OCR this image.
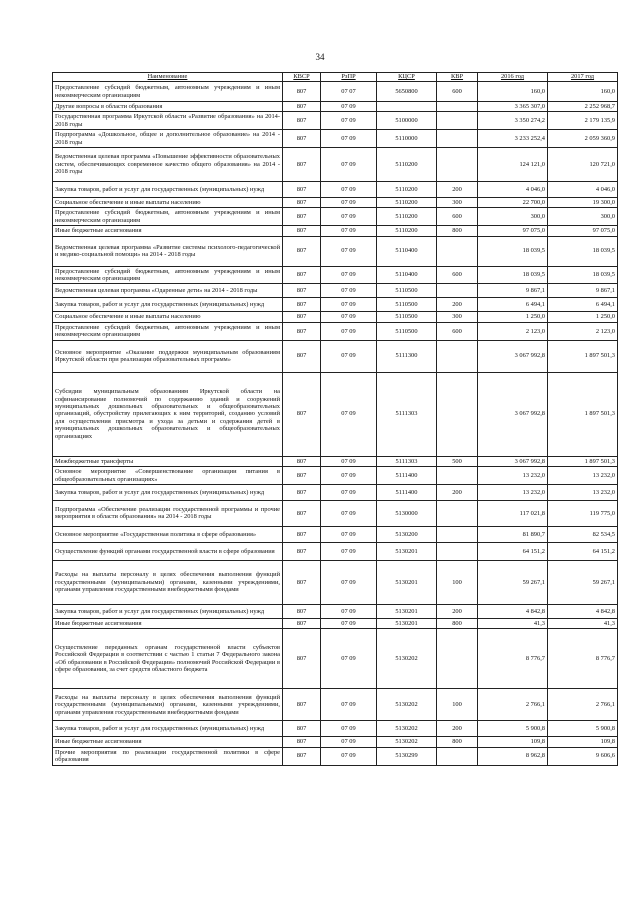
34
Наименование	КВСР	РзПР	КЦСР	КВР	2016 год	2017 год
Предоставление субсидий бюджетным, автономным учреждениям и иным некоммерческим организациям	807	07 07	5650800	600	160,0	160,0
Другие вопросы в области образования	807	07 09			3 365 307,0	2 252 968,7
Государственная программа Иркутской области «Развитие образования» на 2014-2018 годы	807	07 09	5100000		3 350 274,2	2 179 135,9
Подпрограмма «Дошкольное, общее и дополнительное образование» на 2014 - 2018 годы	807	07 09	5110000		3 233 252,4	2 059 360,9
Ведомственная целевая программа «Повышение эффективности образовательных систем, обеспечивающих современное качество общего образования» на 2014 - 2018 годы	807	07 09	5110200		124 121,0	120 721,0
Закупка товаров, работ и услуг для государственных (муниципальных) нужд	807	07 09	5110200	200	4 046,0	4 046,0
Социальное обеспечение и иные выплаты населению	807	07 09	5110200	300	22 700,0	19 300,0
Предоставление субсидий бюджетным, автономным учреждениям и иным некоммерческим организациям	807	07 09	5110200	600	300,0	300,0
Иные бюджетные ассигнования	807	07 09	5110200	800	97 075,0	97 075,0
Ведомственная целевая программа «Развитие системы психолого-педагогической и медико-социальной помощи» на 2014 - 2018 годы	807	07 09	5110400		18 039,5	18 039,5
Предоставление субсидий бюджетным, автономным учреждениям и иным некоммерческим организациям	807	07 09	5110400	600	18 039,5	18 039,5
Ведомственная целевая программа «Одаренные дети» на 2014 - 2018 годы	807	07 09	5110500		9 867,1	9 867,1
Закупка товаров, работ и услуг для государственных (муниципальных) нужд	807	07 09	5110500	200	6 494,1	6 494,1
Социальное обеспечение и иные выплаты населению	807	07 09	5110500	300	1 250,0	1 250,0
Предоставление субсидий бюджетным, автономным учреждениям и иным некоммерческим организациям	807	07 09	5110500	600	2 123,0	2 123,0
Основное мероприятие «Оказание поддержки муниципальным образованиям Иркутской области при реализации образовательных программ»	807	07 09	5111300		3 067 992,8	1 897 501,3
Субсидии муниципальным образованиям Иркутской области на софинансирование полномочий по содержанию зданий и сооружений муниципальных дошкольных образовательных и общеобразовательных организаций, обустройству прилегающих к ним территорий, созданию условий для осуществления присмотра и ухода за детьми и содержания детей в муниципальных дошкольных образовательных и общеобразовательных организациях	807	07 09	5111303		3 067 992,8	1 897 501,3
Межбюджетные трансферты	807	07 09	5111303	500	3 067 992,8	1 897 501,3
Основное мероприятие «Совершенствование организации питания в общеобразовательных организациях»	807	07 09	5111400		13 232,0	13 232,0
Закупка товаров, работ и услуг для государственных (муниципальных) нужд	807	07 09	5111400	200	13 232,0	13 232,0
Подпрограмма «Обеспечение реализации государственной программы и прочие мероприятия в области образования» на 2014 - 2018 годы	807	07 09	5130000		117 021,8	119 775,0
Основное мероприятие «Государственная политика в сфере образования»	807	07 09	5130200		81 890,7	82 534,5
Осуществление функций органами государственной власти в сфере образования	807	07 09	5130201		64 151,2	64 151,2
Расходы на выплаты персоналу в целях обеспечения выполнения функций государственными (муниципальными) органами, казенными учреждениями, органами управления государственными внебюджетными фондами	807	07 09	5130201	100	59 267,1	59 267,1
Закупка товаров, работ и услуг для государственных (муниципальных) нужд	807	07 09	5130201	200	4 842,8	4 842,8
Иные бюджетные ассигнования	807	07 09	5130201	800	41,3	41,3
Осуществление переданных органам государственной власти субъектов Российской Федерации в соответствии с частью 1 статьи 7 Федерального закона «Об образовании в Российской Федерации» полномочий Российской Федерации в сфере образования, за счет средств областного бюджета	807	07 09	5130202		8 776,7	8 776,7
Расходы на выплаты персоналу в целях обеспечения выполнения функций государственными (муниципальными) органами, казенными учреждениями, органами управления государственными внебюджетными фондами	807	07 09	5130202	100	2 766,1	2 766,1
Закупка товаров, работ и услуг для государственных (муниципальных) нужд	807	07 09	5130202	200	5 900,8	5 900,8
Иные бюджетные ассигнования	807	07 09	5130202	800	109,8	109,8
Прочие мероприятия по реализации государственной политики в сфере образования	807	07 09	5130299		8 962,8	9 606,6
